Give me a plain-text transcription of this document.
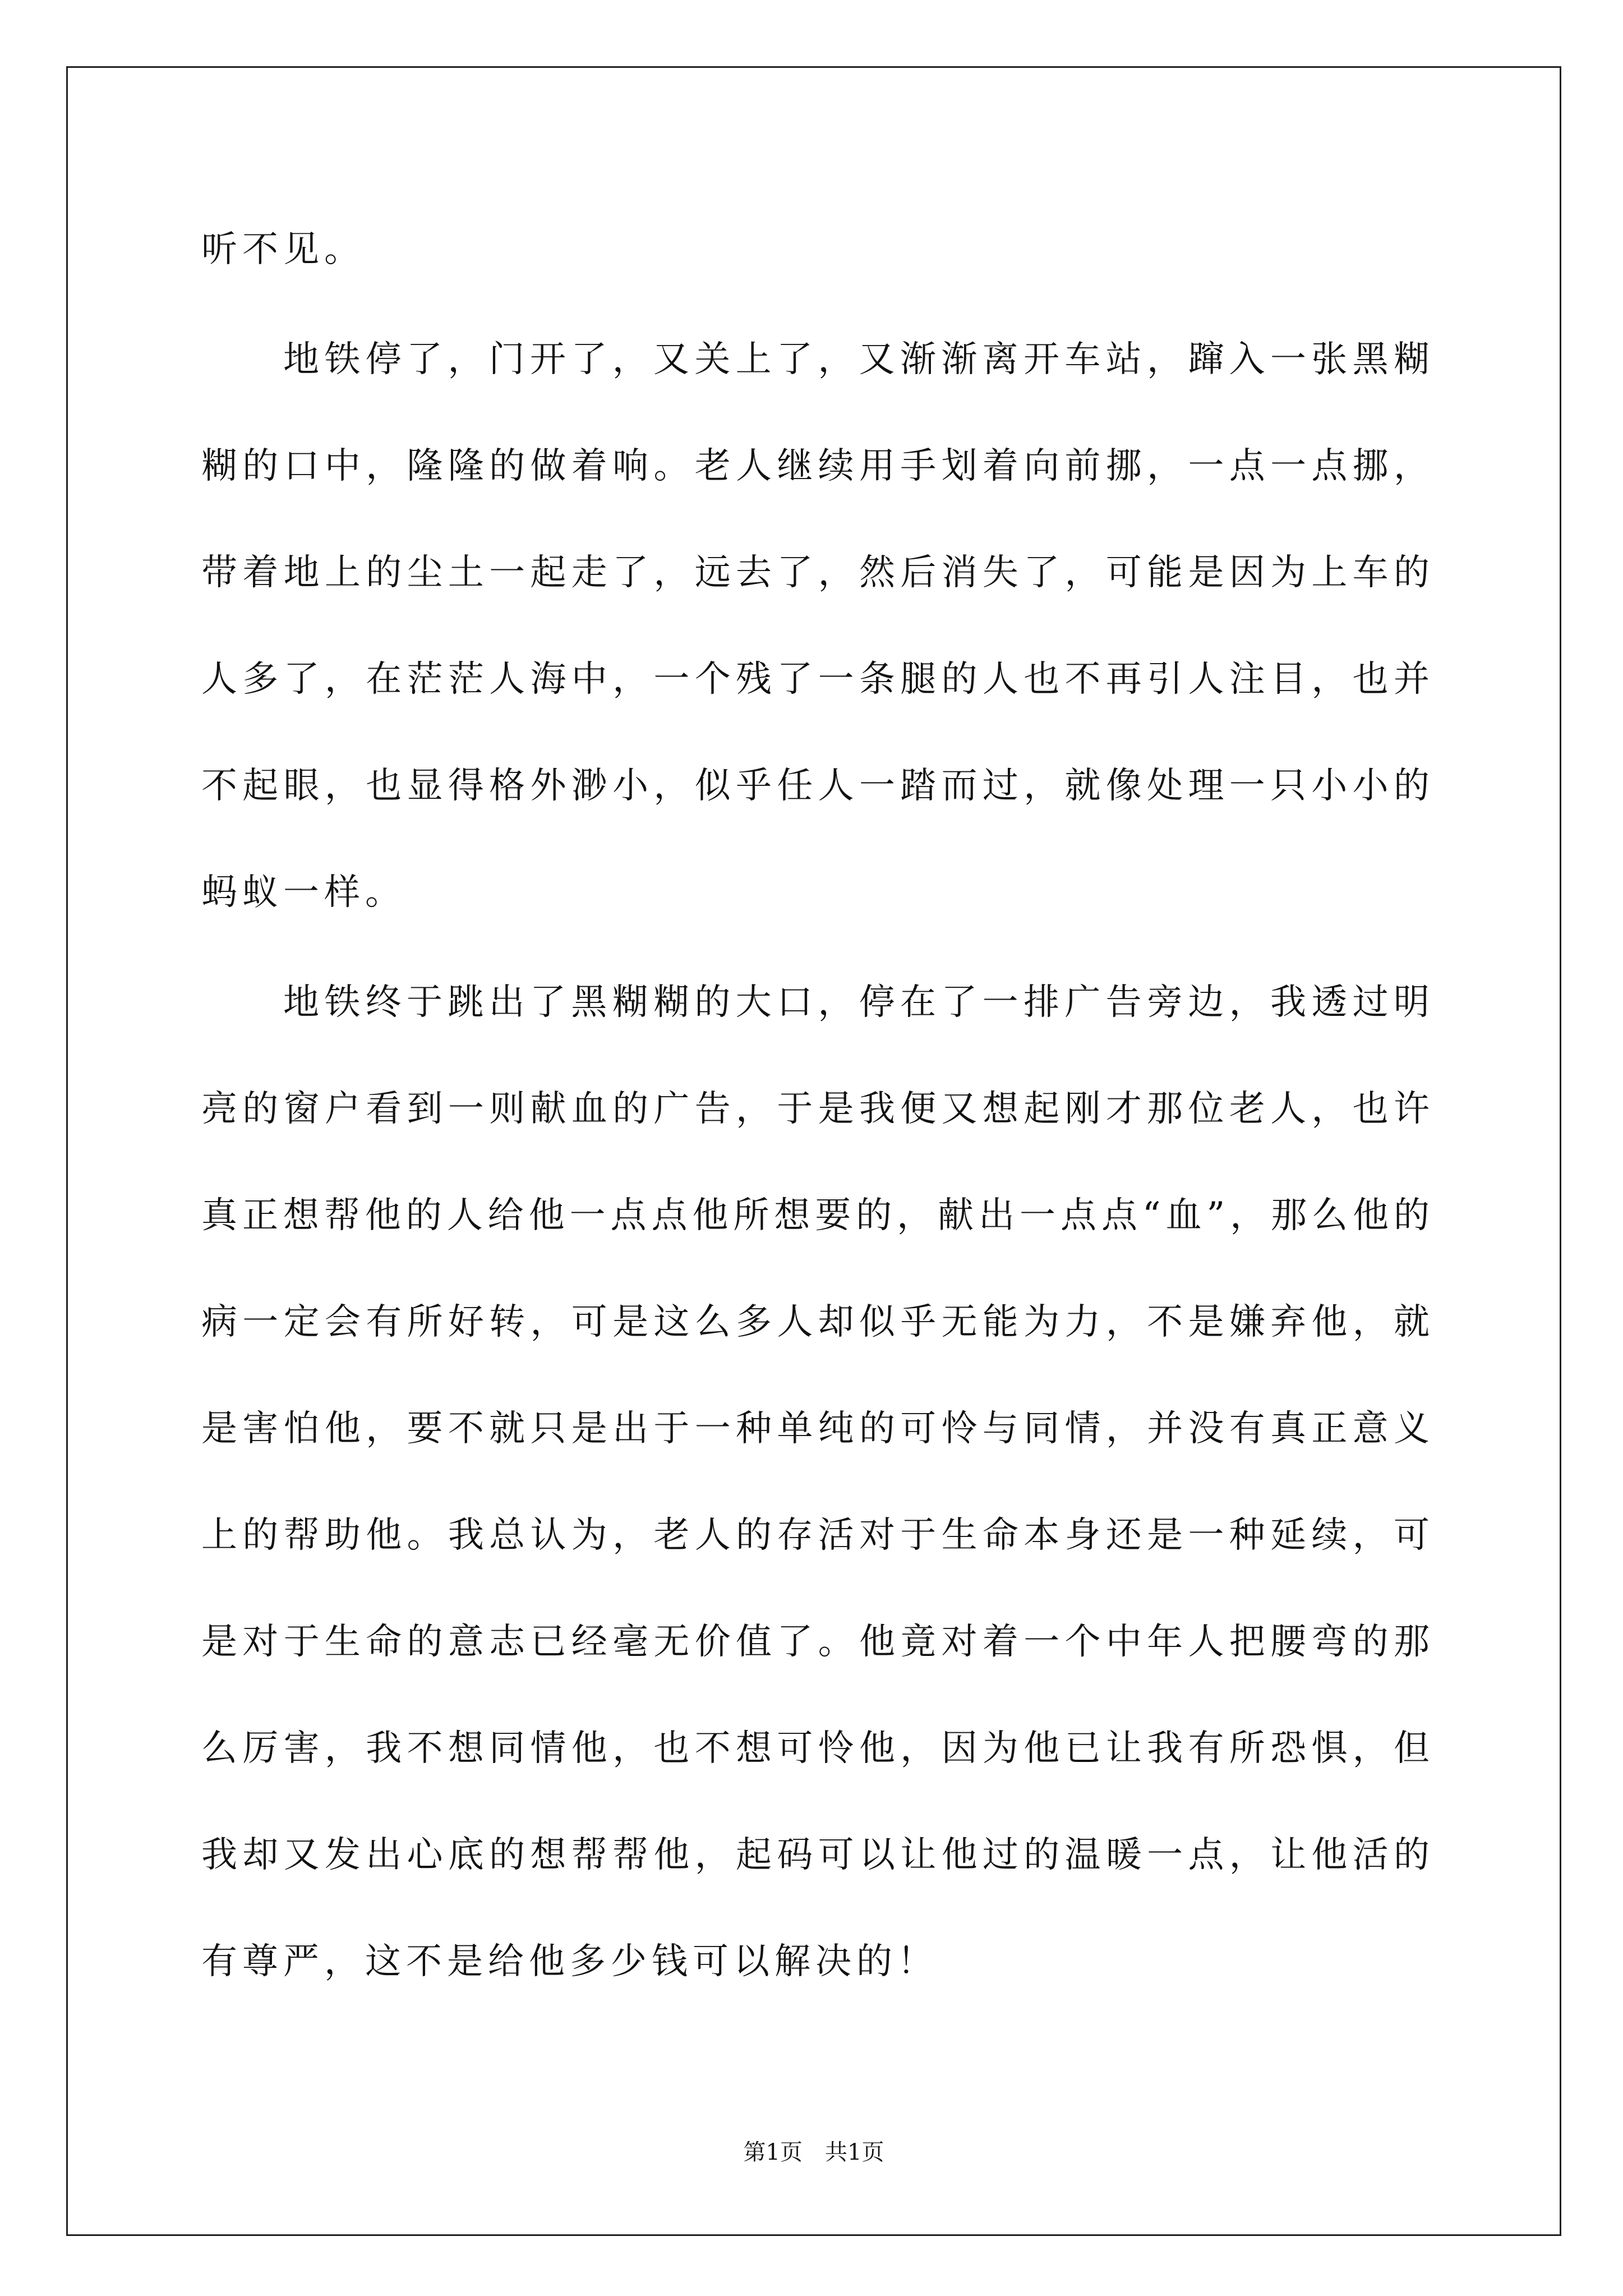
听不见。
地铁停了，门开了，又关上了，又渐渐离开车站，蹿入一张黑糊
糊的口中，隆隆的做着响。老人继续用手划着向前挪，一点一点挪，
带着地上的尘土一起走了，远去了，然后消失了，可能是因为上车的
人多了，在茫茫人海中，一个残了一条腿的人也不再引人注目，也并
不起眼，也显得格外渺小，似乎任人一踏而过，就像处理一只小小的
蚂蚁一样。
地铁终于跳出了黑糊糊的大口，停在了一排广告旁边，我透过明
亮的窗户看到一则献血的广告，于是我便又想起刚才那位老人，也许
真正想帮他的人给他一点点他所想要的，献出一点点“血”，那么他的
病一定会有所好转，可是这么多人却似乎无能为力，不是嫌弃他，就
是害怕他，要不就只是出于一种单纯的可怜与同情，并没有真正意义
上的帮助他。我总认为，老人的存活对于生命本身还是一种延续，可
是对于生命的意志已经毫无价值了。他竟对着一个中年人把腰弯的那
么厉害，我不想同情他，也不想可怜他，因为他已让我有所恐惧，但
我却又发出心底的想帮帮他，起码可以让他过的温暖一点，让他活的
有尊严，这不是给他多少钱可以解决的！
第1页　共1页
